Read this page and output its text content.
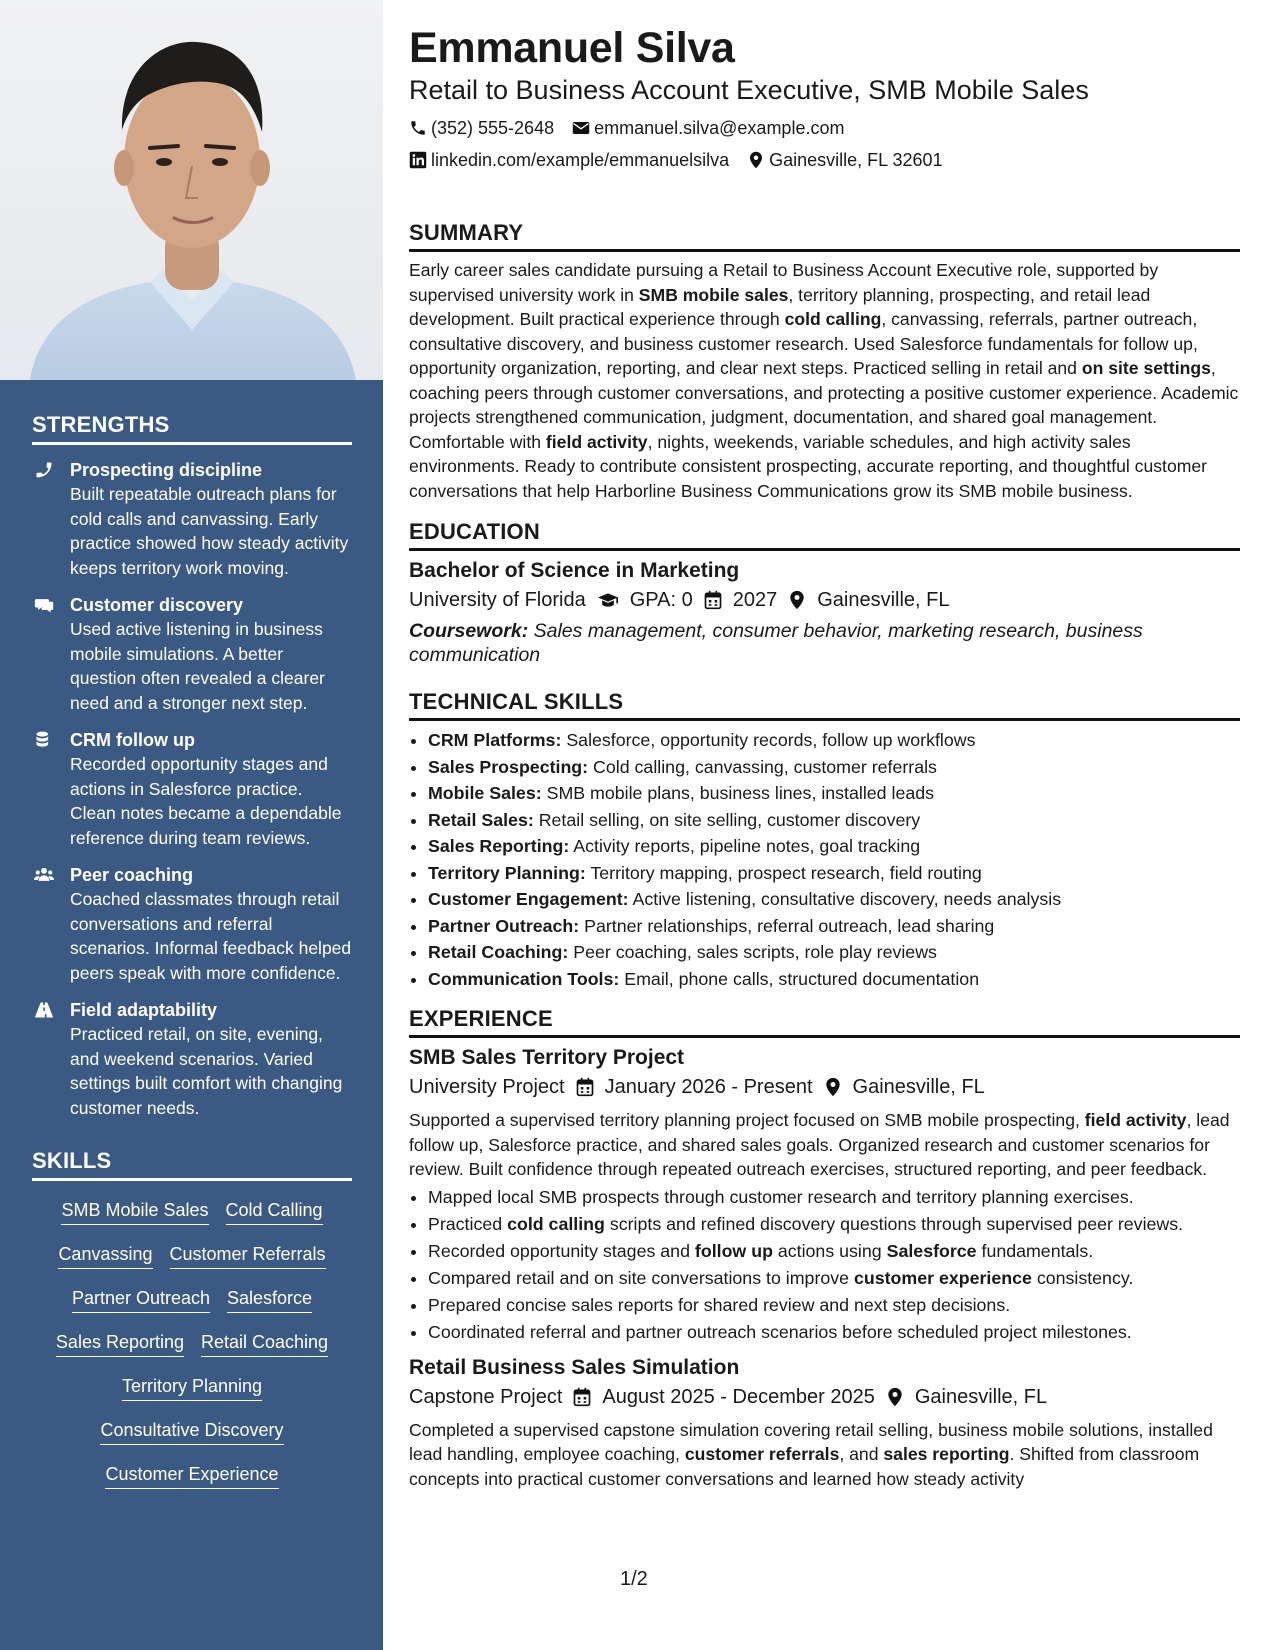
STRENGTHS
Prospecting discipline
Built repeatable outreach plans for cold calls and canvassing. Early practice showed how steady activity keeps territory work moving.
Customer discovery
Used active listening in business mobile simulations. A better question often revealed a clearer need and a stronger next step.
CRM follow up
Recorded opportunity stages and actions in Salesforce practice. Clean notes became a dependable reference during team reviews.
Peer coaching
Coached classmates through retail conversations and referral scenarios. Informal feedback helped peers speak with more confidence.
Field adaptability
Practiced retail, on site, evening, and weekend scenarios. Varied settings built comfort with changing customer needs.
SKILLS
SMB Mobile Sales Cold Calling
Canvassing Customer Referrals
Partner Outreach Salesforce
Sales Reporting Retail Coaching
Territory Planning
Consultative Discovery
Customer Experience
Emmanuel Silva
Retail to Business Account Executive, SMB Mobile Sales
(352) 555-2648 emmanuel.silva@example.com
linkedin.com/example/emmanuelsilva Gainesville, FL 32601
SUMMARY

Early career sales candidate pursuing a Retail to Business Account Executive role, supported by supervised university work in SMB mobile sales, territory planning, prospecting, and retail lead development. Built practical experience through cold calling, canvassing, referrals, partner outreach, consultative discovery, and business customer research. Used Salesforce fundamentals for follow up, opportunity organization, reporting, and clear next steps. Practiced selling in retail and on site settings, coaching peers through customer conversations, and protecting a positive customer experience. Academic projects strengthened communication, judgment, documentation, and shared goal management. Comfortable with field activity, nights, weekends, variable schedules, and high activity sales environments. Ready to contribute consistent prospecting, accurate reporting, and thoughtful customer conversations that help Harborline Business Communications grow its SMB mobile business.

EDUCATION
Bachelor of Science in Marketing
University of Florida GPA: 0 2027 Gainesville, FL
Coursework: Sales management, consumer behavior, marketing research, business communication
TECHNICAL SKILLS
• CRM Platforms: Salesforce, opportunity records, follow up workflows
• Sales Prospecting: Cold calling, canvassing, customer referrals
• Mobile Sales: SMB mobile plans, business lines, installed leads
• Retail Sales: Retail selling, on site selling, customer discovery
• Sales Reporting: Activity reports, pipeline notes, goal tracking
• Territory Planning: Territory mapping, prospect research, field routing
• Customer Engagement: Active listening, consultative discovery, needs analysis
• Partner Outreach: Partner relationships, referral outreach, lead sharing
• Retail Coaching: Peer coaching, sales scripts, role play reviews
• Communication Tools: Email, phone calls, structured documentation
EXPERIENCE
SMB Sales Territory Project
University Project January 2026 - Present Gainesville, FL

Supported a supervised territory planning project focused on SMB mobile prospecting, field activity, lead follow up, Salesforce practice, and shared sales goals. Organized research and customer scenarios for review. Built confidence through repeated outreach exercises, structured reporting, and peer feedback.

• Mapped local SMB prospects through customer research and territory planning exercises.
• Practiced cold calling scripts and refined discovery questions through supervised peer reviews.
• Recorded opportunity stages and follow up actions using Salesforce fundamentals.
• Compared retail and on site conversations to improve customer experience consistency.
• Prepared concise sales reports for shared review and next step decisions.
• Coordinated referral and partner outreach scenarios before scheduled project milestones.
Retail Business Sales Simulation
Capstone Project August 2025 - December 2025 Gainesville, FL

Completed a supervised capstone simulation covering retail selling, business mobile solutions, installed lead handling, employee coaching, customer referrals, and sales reporting. Shifted from classroom concepts into practical customer conversations and learned how steady activity

1/2
